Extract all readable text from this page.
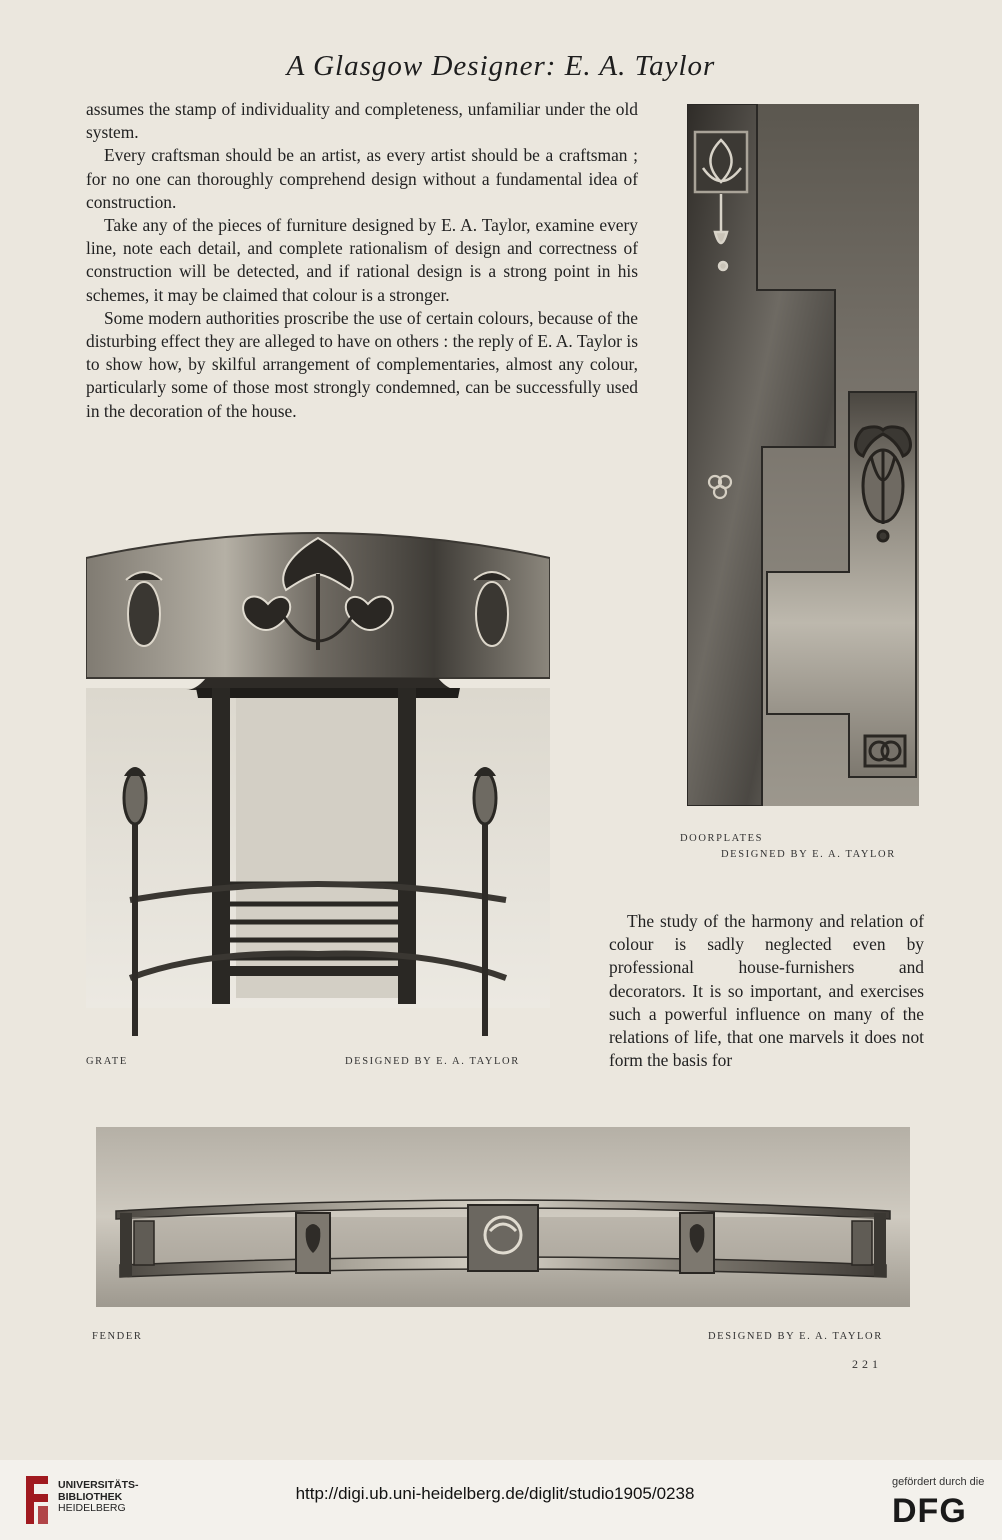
A Glasgow Designer: E. A. Taylor

assumes the stamp of individuality and completeness, unfamiliar under the old system.

Every craftsman should be an artist, as every artist should be a craftsman ; for no one can thoroughly comprehend design without a fundamental idea of construction.

Take any of the pieces of furniture designed by E. A. Taylor, examine every line, note each detail, and complete rationalism of design and correctness of construction will be detected, and if rational design is a strong point in his schemes, it may be claimed that colour is a stronger.

Some modern authorities proscribe the use of certain colours, because of the disturbing effect they are alleged to have on others : the reply of E. A. Taylor is to show how, by skilful arrangement of complementaries, almost any colour, particularly some of those most strongly condemned, can be successfully used in the decoration of the house.

DOORPLATES
DESIGNED BY E. A. TAYLOR
GRATE	DESIGNED BY E. A. TAYLOR

The study of the harmony and relation of colour is sadly neglected even by professional house-furnishers and decorators. It is so important, and exercises such a powerful influence on many of the relations of life, that one marvels it does not form the basis for

FENDER	DESIGNED BY E. A. TAYLOR
221
UNIVERSITÄTS-
BIBLIOTHEK
HEIDELBERG
http://digi.ub.uni-heidelberg.de/diglit/studio1905/0238
gefördert durch die
DFG
